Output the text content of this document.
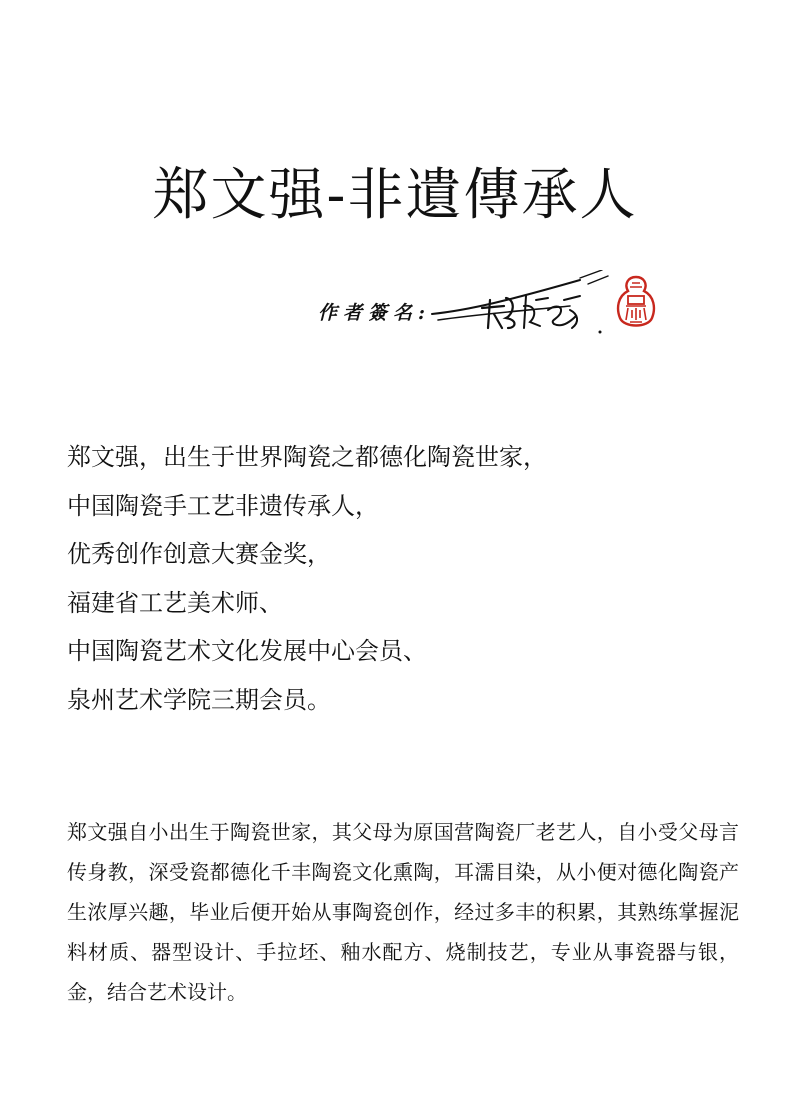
郑文强-非遺傳承人
作者簽名:
郑文强，出生于世界陶瓷之都德化陶瓷世家，
中国陶瓷手工艺非遗传承人，
优秀创作创意大赛金奖，
福建省工艺美术师、
中国陶瓷艺术文化发展中心会员、
泉州艺术学院三期会员。
郑文强自小出生于陶瓷世家，其父母为原国营陶瓷厂老艺人，自小受父母言传身教，深受瓷都德化千丰陶瓷文化熏陶，耳濡目染，从小便对德化陶瓷产生浓厚兴趣，毕业后便开始从事陶瓷创作，经过多丰的积累，其熟练掌握泥料材质、器型设计、手拉坯、釉水配方、烧制技艺，专业从事瓷器与银，金，结合艺术设计。
